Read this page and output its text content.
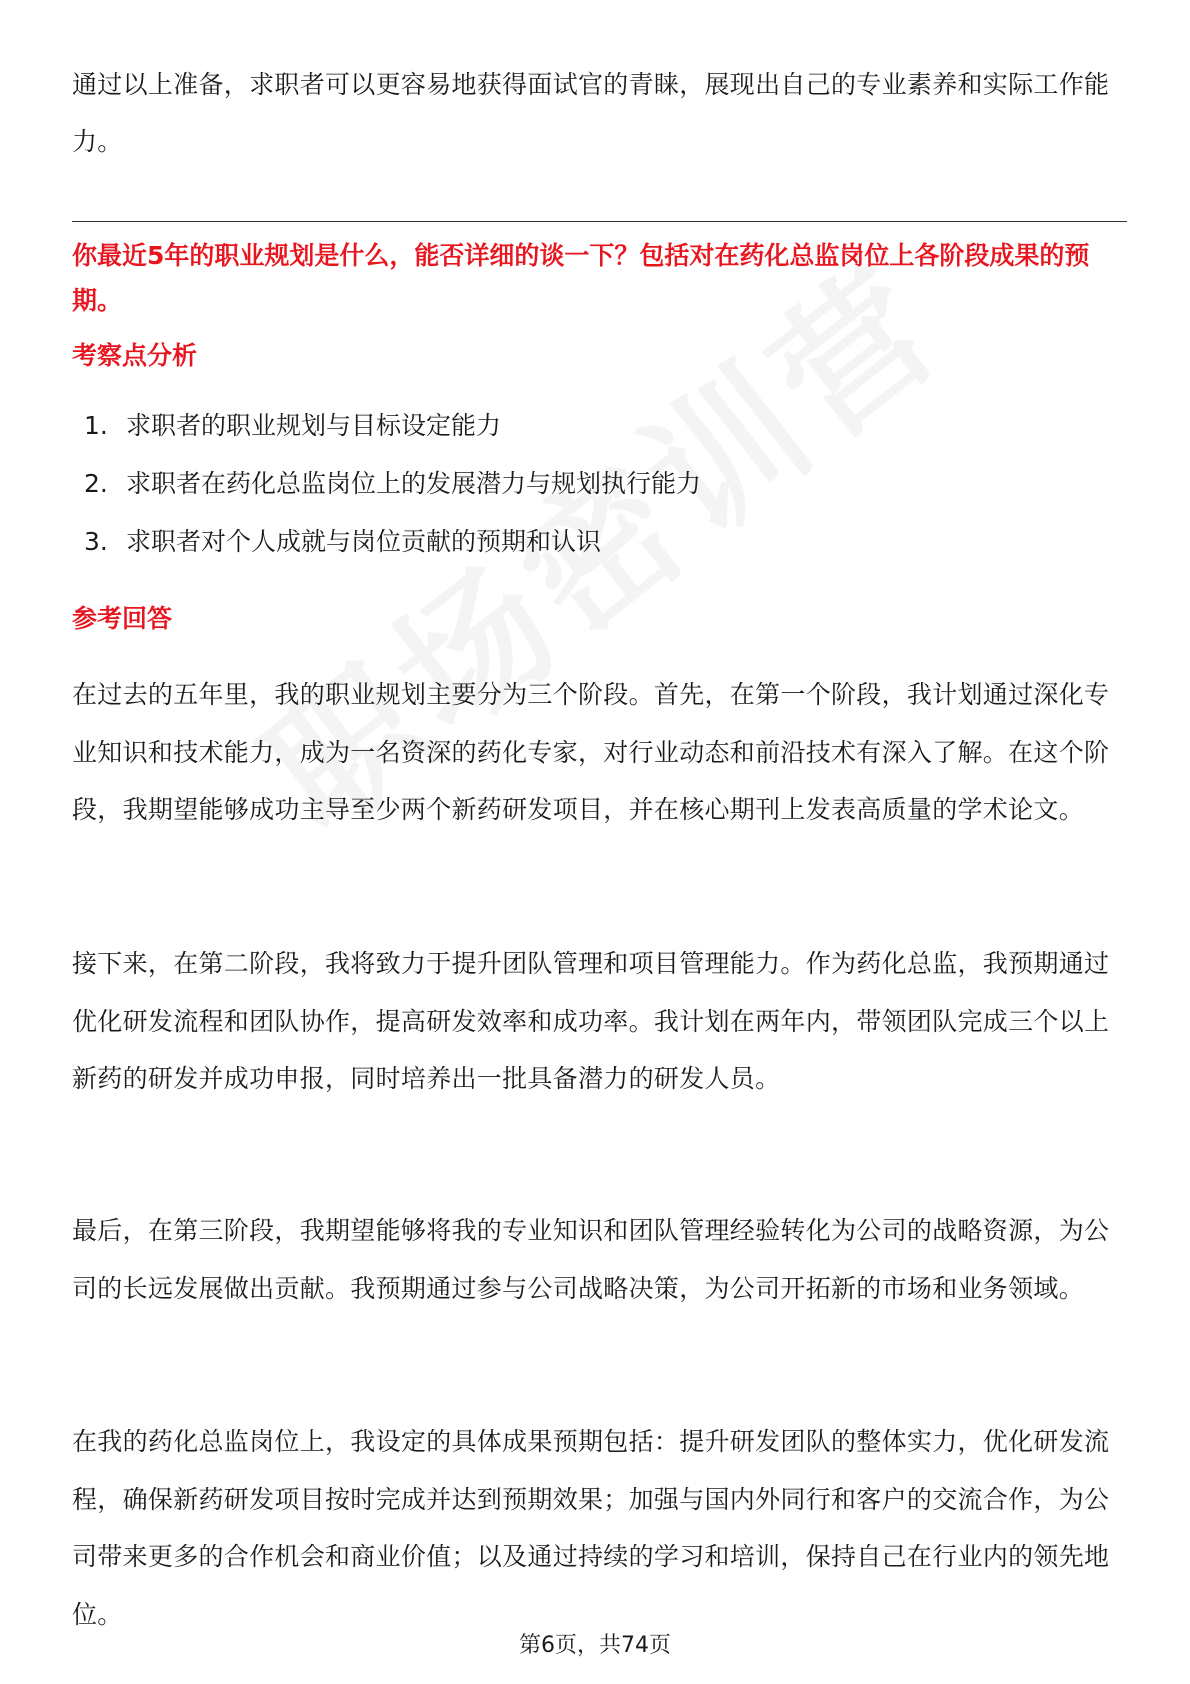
通过以上准备，求职者可以更容易地获得面试官的青睐，展现出自己的专业素养和实际工作能力。

你最近5年的职业规划是什么，能否详细的谈一下？包括对在药化总监岗位上各阶段成果的预期。

考察点分析

1. 求职者的职业规划与目标设定能力
2. 求职者在药化总监岗位上的发展潜力与规划执行能力
3. 求职者对个人成就与岗位贡献的预期和认识

参考回答

在过去的五年里，我的职业规划主要分为三个阶段。首先，在第一个阶段，我计划通过深化专业知识和技术能力，成为一名资深的药化专家，对行业动态和前沿技术有深入了解。在这个阶段，我期望能够成功主导至少两个新药研发项目，并在核心期刊上发表高质量的学术论文。

接下来，在第二阶段，我将致力于提升团队管理和项目管理能力。作为药化总监，我预期通过优化研发流程和团队协作，提高研发效率和成功率。我计划在两年内，带领团队完成三个以上新药的研发并成功申报，同时培养出一批具备潜力的研发人员。

最后，在第三阶段，我期望能够将我的专业知识和团队管理经验转化为公司的战略资源，为公司的长远发展做出贡献。我预期通过参与公司战略决策，为公司开拓新的市场和业务领域。

在我的药化总监岗位上，我设定的具体成果预期包括：提升研发团队的整体实力，优化研发流程，确保新药研发项目按时完成并达到预期效果；加强与国内外同行和客户的交流合作，为公司带来更多的合作机会和商业价值；以及通过持续的学习和培训，保持自己在行业内的领先地位。

第6页，共74页
